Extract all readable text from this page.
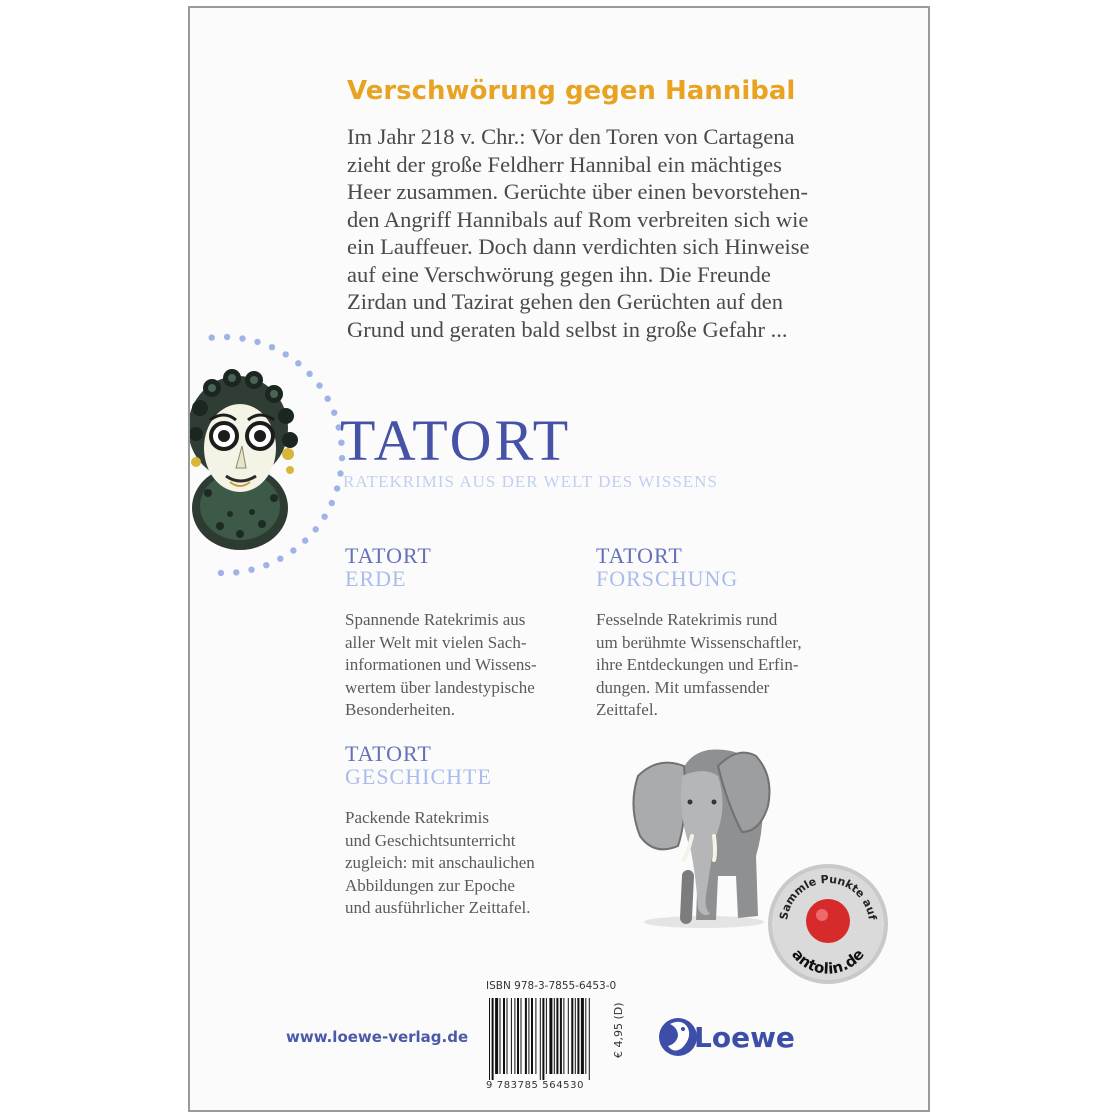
Verschwörung gegen Hannibal
Im Jahr 218 v. Chr.: Vor den Toren von Cartagena
zieht der große Feldherr Hannibal ein mächtiges
Heer zusammen. Gerüchte über einen bevorstehen-
den Angriff Hannibals auf Rom verbreiten sich wie
ein Lauffeuer. Doch dann verdichten sich Hinweise
auf eine Verschwörung gegen ihn. Die Freunde
Zirdan und Tazirat gehen den Gerüchten auf den
Grund und geraten bald selbst in große Gefahr ...
TATORT
RATEKRIMIS AUS DER WELT DES WISSENS
TATORT
ERDE
Spannende Ratekrimis aus
aller Welt mit vielen Sach-
informationen und Wissens-
wertem über landestypische
Besonderheiten.
TATORT
FORSCHUNG
Fesselnde Ratekrimis rund
um berühmte Wissenschaftler,
ihre Entdeckungen und Erfin-
dungen. Mit umfassender
Zeittafel.
TATORT
GESCHICHTE
Packende Ratekrimis
und Geschichtsunterricht
zugleich: mit anschaulichen
Abbildungen zur Epoche
und ausführlicher Zeittafel.	Sammle Punkte auf
antolin.de
ISBN 978-3-7855-6453-0
9 783785 564530
€ 4,95 (D)
www.loewe-verlag.de	Loewe
